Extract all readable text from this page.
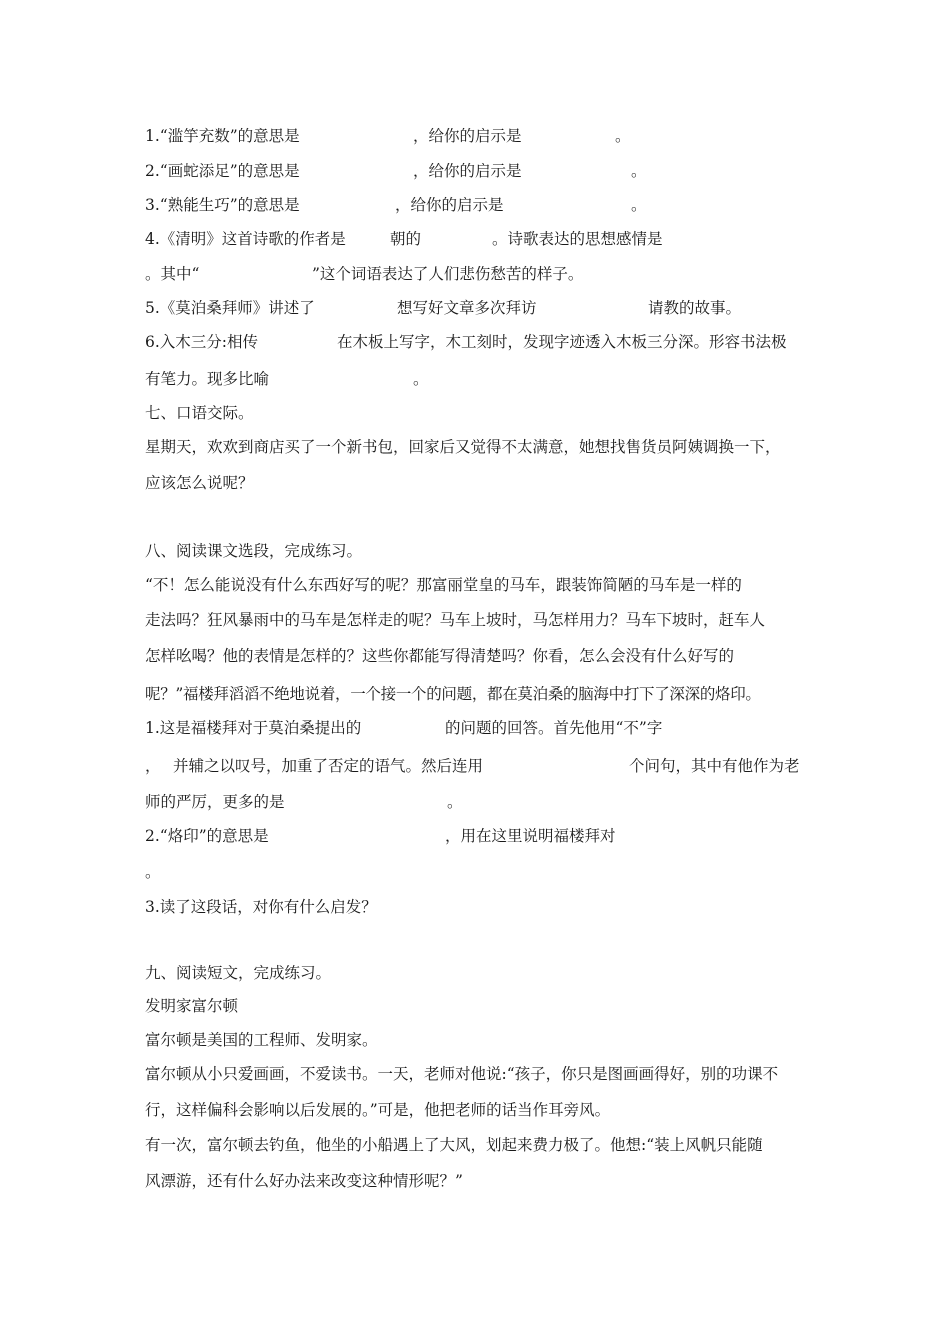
1.“滥竽充数”的意思是	，给你的启示是	。
2.“画蛇添足”的意思是	，给你的启示是	。
3.“熟能生巧”的意思是	，给你的启示是	。
4.《清明》这首诗歌的作者是	朝的	。诗歌表达的思想感情是
。其中“	”这个词语表达了人们悲伤愁苦的样子。
5.《莫泊桑拜师》讲述了	想写好文章多次拜访	请教的故事。
6.入木三分:相传	在木板上写字，木工刻时，发现字迹透入木板三分深。形容书法极
有笔力。现多比喻	。
七、口语交际。
星期天，欢欢到商店买了一个新书包，回家后又觉得不太满意，她想找售货员阿姨调换一下，
应该怎么说呢？
八、阅读课文选段，完成练习。
“不！怎么能说没有什么东西好写的呢？那富丽堂皇的马车，跟装饰简陋的马车是一样的
走法吗？狂风暴雨中的马车是怎样走的呢？马车上坡时，马怎样用力？马车下坡时，赶车人
怎样吆喝？他的表情是怎样的？这些你都能写得清楚吗？你看，怎么会没有什么好写的
呢？”福楼拜滔滔不绝地说着，一个接一个的问题，都在莫泊桑的脑海中打下了深深的烙印。
1.这是福楼拜对于莫泊桑提出的	的问题的回答。首先他用“不”字
， 并辅之以叹号，加重了否定的语气。然后连用	个问句，其中有他作为老
师的严厉，更多的是	。
2.“烙印”的意思是	，用在这里说明福楼拜对
。
3.读了这段话，对你有什么启发？
九、阅读短文，完成练习。
发明家富尔顿
富尔顿是美国的工程师、发明家。
富尔顿从小只爱画画，不爱读书。一天，老师对他说:“孩子，你只是图画画得好，别的功课不
行，这样偏科会影响以后发展的。”可是，他把老师的话当作耳旁风。
有一次，富尔顿去钓鱼，他坐的小船遇上了大风，划起来费力极了。他想:“装上风帆只能随
风漂游，还有什么好办法来改变这种情形呢？”
